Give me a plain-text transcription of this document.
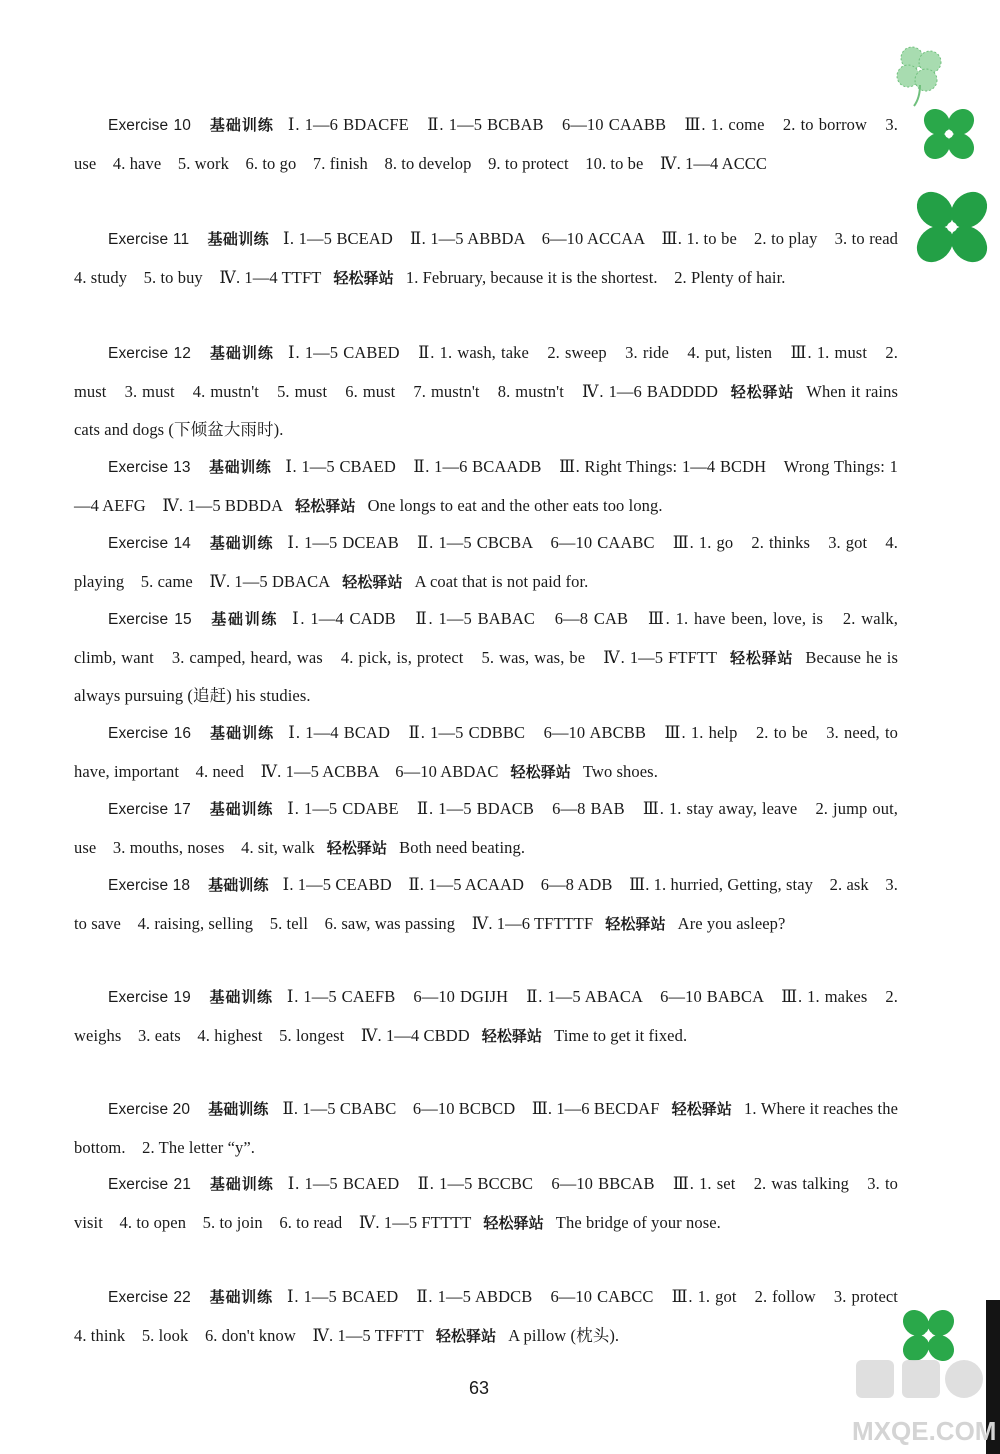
Exercise 10 基础训练 Ⅰ. 1—6 BDACFE　Ⅱ. 1—5 BCBAB　6—10 CAABB　Ⅲ. 1. come　2. to borrow　3. use　4. have　5. work　6. to go　7. finish　8. to develop　9. to protect　10. to be　Ⅳ. 1—4 ACCC
Exercise 11 基础训练 Ⅰ. 1—5 BCEAD　Ⅱ. 1—5 ABBDA　6—10 ACCAA　Ⅲ. 1. to be　2. to play　3. to read　4. study　5. to buy　Ⅳ. 1—4 TTFT 轻松驿站 1. February, because it is the shortest.　2. Plenty of hair.
Exercise 12 基础训练 Ⅰ. 1—5 CABED　Ⅱ. 1. wash, take　2. sweep　3. ride　4. put, listen　Ⅲ. 1. must　2. must　3. must　4. mustn't　5. must　6. must　7. mustn't　8. mustn't　Ⅳ. 1—6 BADDDD 轻松驿站 When it rains cats and dogs (下倾盆大雨时).
Exercise 13 基础训练 Ⅰ. 1—5 CBAED　Ⅱ. 1—6 BCAADB　Ⅲ. Right Things: 1—4 BCDH　Wrong Things: 1—4 AEFG　Ⅳ. 1—5 BDBDA 轻松驿站 One longs to eat and the other eats too long.
Exercise 14 基础训练 Ⅰ. 1—5 DCEAB　Ⅱ. 1—5 CBCBA　6—10 CAABC　Ⅲ. 1. go　2. thinks　3. got　4. playing　5. came　Ⅳ. 1—5 DBACA 轻松驿站 A coat that is not paid for.
Exercise 15 基础训练 Ⅰ. 1—4 CADB　Ⅱ. 1—5 BABAC　6—8 CAB　Ⅲ. 1. have been, love, is　2. walk, climb, want　3. camped, heard, was　4. pick, is, protect　5. was, was, be　Ⅳ. 1—5 FTFTT 轻松驿站 Because he is always pursuing (追赶) his studies.
Exercise 16 基础训练 Ⅰ. 1—4 BCAD　Ⅱ. 1—5 CDBBC　6—10 ABCBB　Ⅲ. 1. help　2. to be　3. need, to have, important　4. need　Ⅳ. 1—5 ACBBA　6—10 ABDAC 轻松驿站 Two shoes.
Exercise 17 基础训练 Ⅰ. 1—5 CDABE　Ⅱ. 1—5 BDACB　6—8 BAB　Ⅲ. 1. stay away, leave　2. jump out, use　3. mouths, noses　4. sit, walk 轻松驿站 Both need beating.
Exercise 18 基础训练 Ⅰ. 1—5 CEABD　Ⅱ. 1—5 ACAAD　6—8 ADB　Ⅲ. 1. hurried, Getting, stay　2. ask　3. to save　4. raising, selling　5. tell　6. saw, was passing　Ⅳ. 1—6 TFTTTF 轻松驿站 Are you asleep?
Exercise 19 基础训练 Ⅰ. 1—5 CAEFB　6—10 DGIJH　Ⅱ. 1—5 ABACA　6—10 BABCA　Ⅲ. 1. makes　2. weighs　3. eats　4. highest　5. longest　Ⅳ. 1—4 CBDD 轻松驿站 Time to get it fixed.
Exercise 20 基础训练 Ⅱ. 1—5 CBABC　6—10 BCBCD　Ⅲ. 1—6 BECDAF 轻松驿站 1. Where it reaches the bottom.　2. The letter “y”.
Exercise 21 基础训练 Ⅰ. 1—5 BCAED　Ⅱ. 1—5 BCCBC　6—10 BBCAB　Ⅲ. 1. set　2. was talking　3. to visit　4. to open　5. to join　6. to read　Ⅳ. 1—5 FTTTT 轻松驿站 The bridge of your nose.
Exercise 22 基础训练 Ⅰ. 1—5 BCAED　Ⅱ. 1—5 ABDCB　6—10 CABCC　Ⅲ. 1. got　2. follow　3. protect　4. think　5. look　6. don't know　Ⅳ. 1—5 TFFTT 轻松驿站 A pillow (枕头).
63
MXQE.COM
